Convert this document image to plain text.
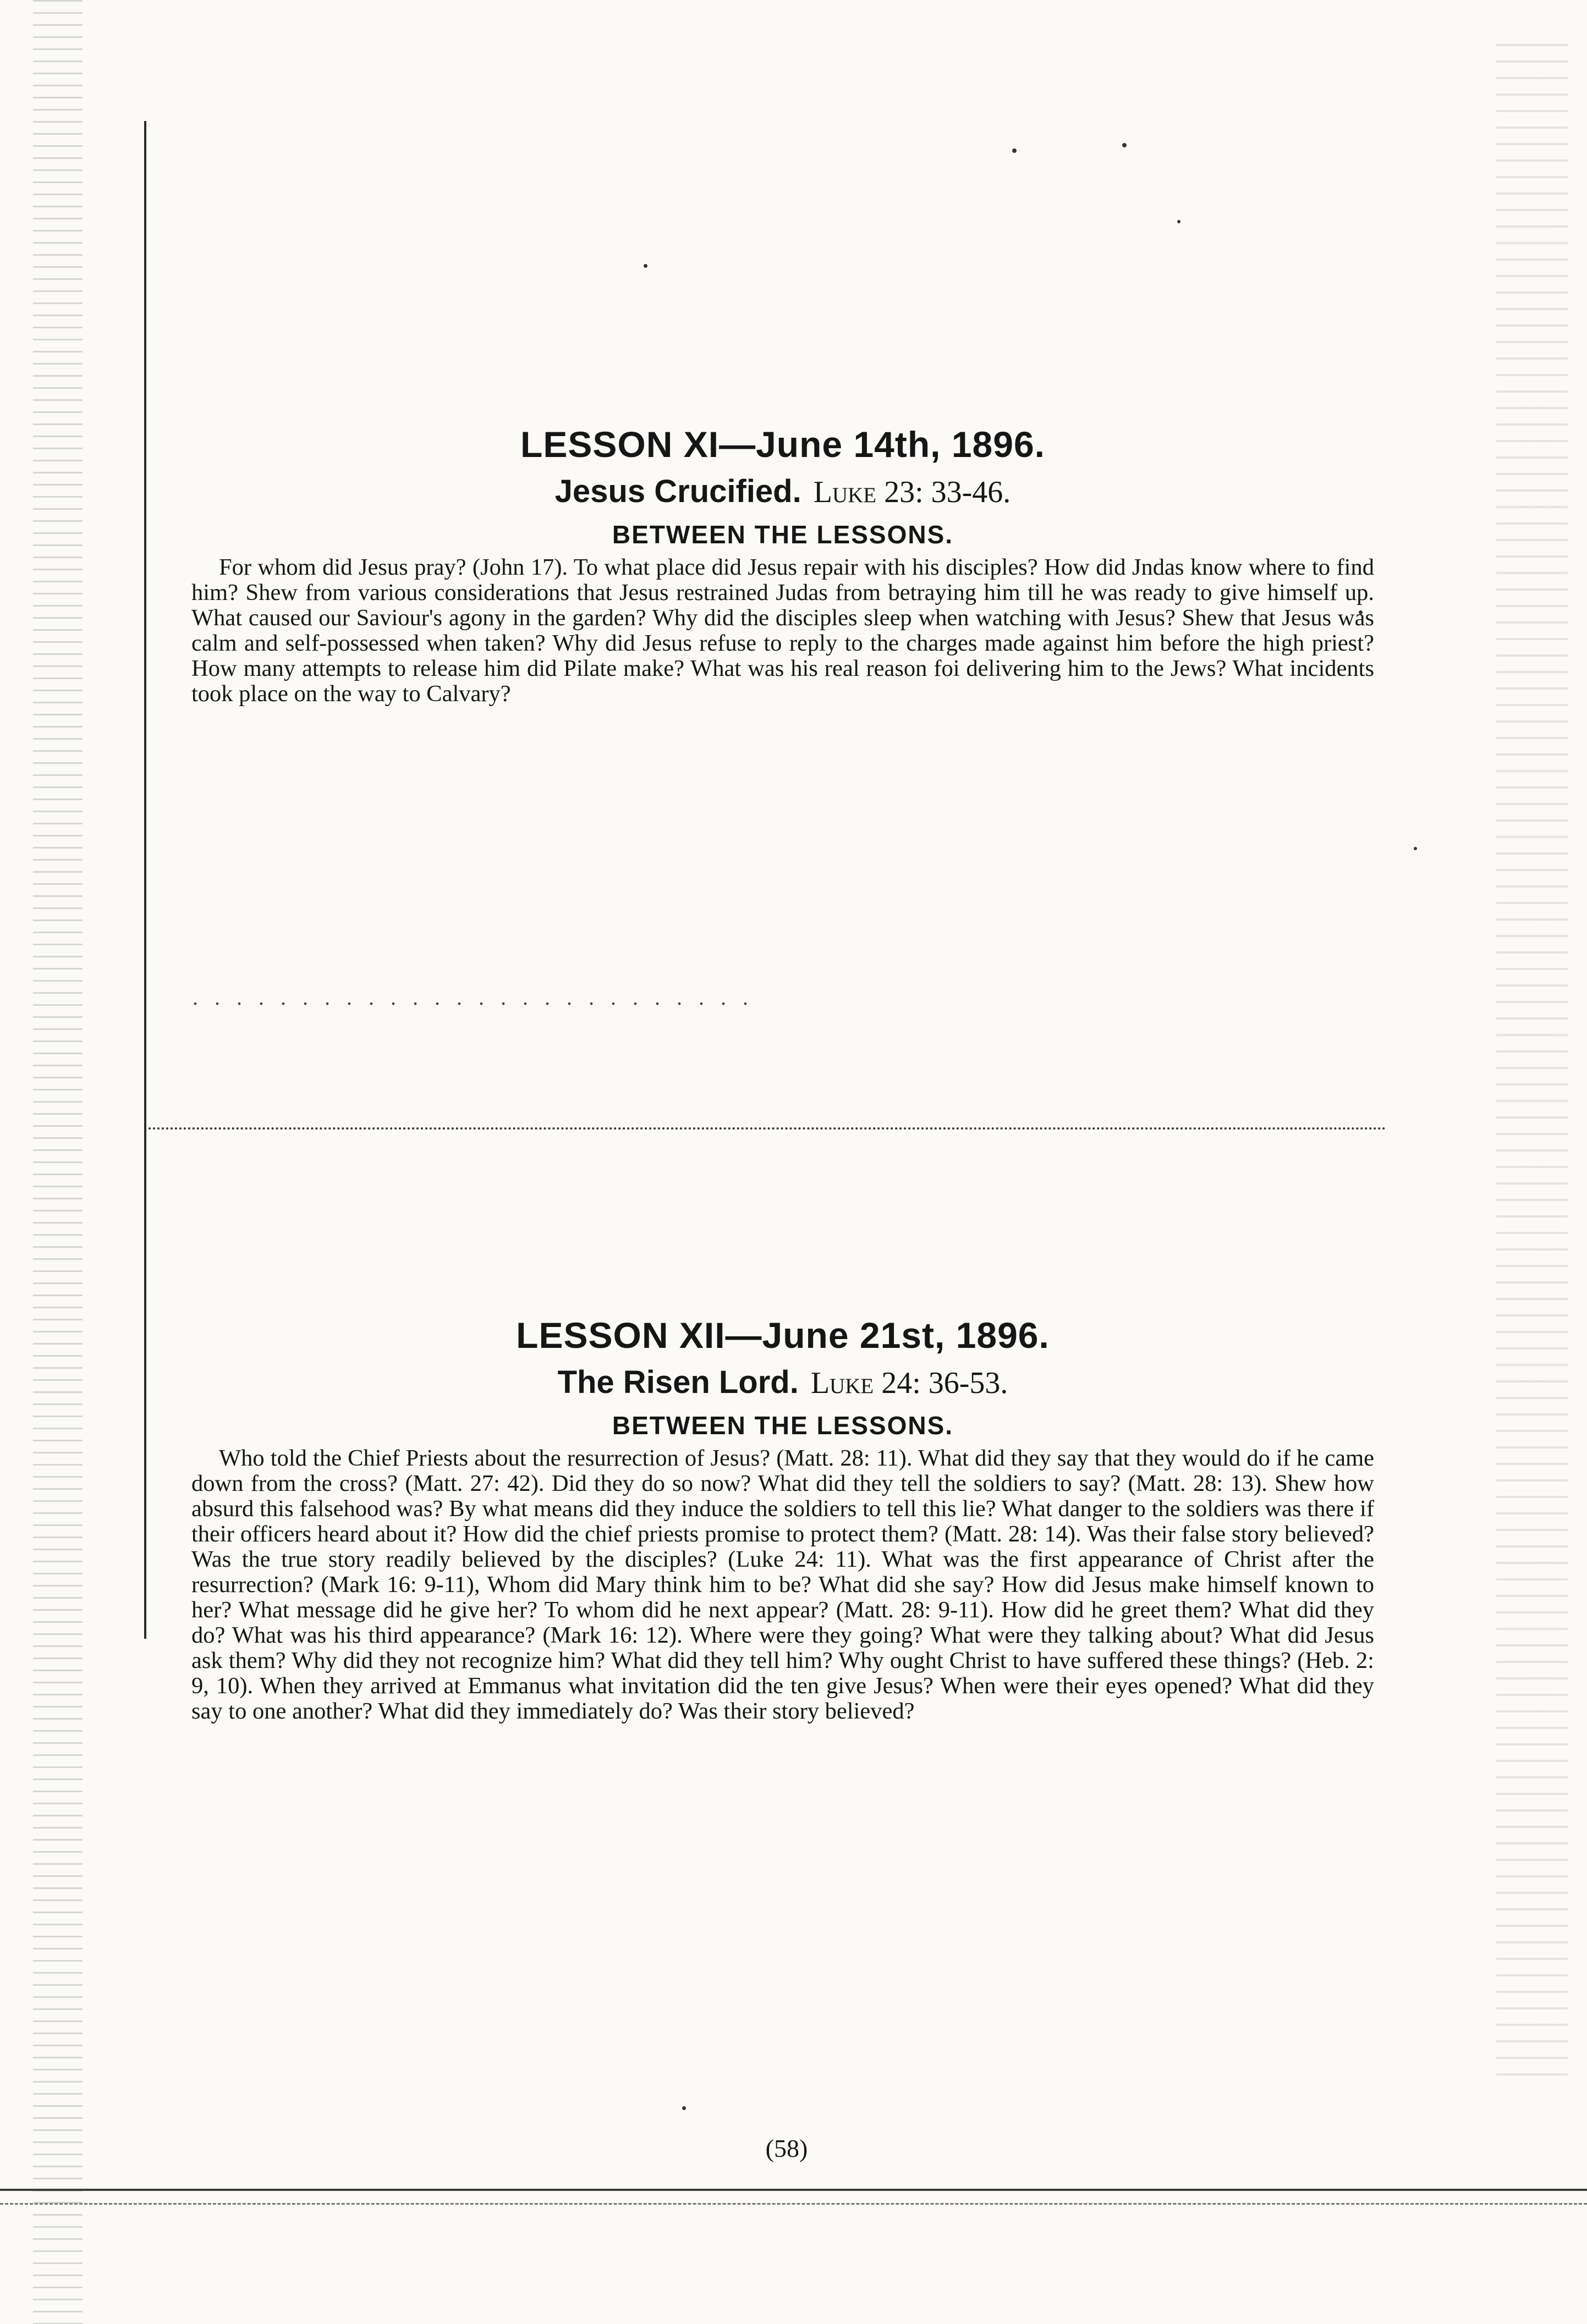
LESSON XI—June 14th, 1896.
Jesus Crucified. Luke 23: 33-46.
BETWEEN THE LESSONS.

For whom did Jesus pray? (John 17). To what place did Jesus repair with his disciples? How did Jndas know where to find him? Shew from various considerations that Jesus restrained Judas from betraying him till he was ready to give himself up. What caused our Saviour's agony in the garden? Why did the disciples sleep when watching with Jesus? Shew that Jesus was calm and self-possessed when taken? Why did Jesus refuse to reply to the charges made against him before the high priest? How many attempts to release him did Pilate make? What was his real reason foi delivering him to the Jews? What incidents took place on the way to Calvary?

. . . . . . . . . . . . . . . . . . . . . . . . . .
LESSON XII—June 21st, 1896.
The Risen Lord. Luke 24: 36-53.
BETWEEN THE LESSONS.

Who told the Chief Priests about the resurrection of Jesus? (Matt. 28: 11). What did they say that they would do if he came down from the cross? (Matt. 27: 42). Did they do so now? What did they tell the soldiers to say? (Matt. 28: 13). Shew how absurd this falsehood was? By what means did they induce the soldiers to tell this lie? What danger to the soldiers was there if their officers heard about it? How did the chief priests promise to protect them? (Matt. 28: 14). Was their false story believed? Was the true story readily believed by the disciples? (Luke 24: 11). What was the first appearance of Christ after the resurrection? (Mark 16: 9-11), Whom did Mary think him to be? What did she say? How did Jesus make himself known to her? What message did he give her? To whom did he next appear? (Matt. 28: 9-11). How did he greet them? What did they do? What was his third appearance? (Mark 16: 12). Where were they going? What were they talking about? What did Jesus ask them? Why did they not recognize him? What did they tell him? Why ought Christ to have suffered these things? (Heb. 2: 9, 10). When they arrived at Emmanus what invitation did the ten give Jesus? When were their eyes opened? What did they say to one another? What did they immediately do? Was their story believed?

(58)
